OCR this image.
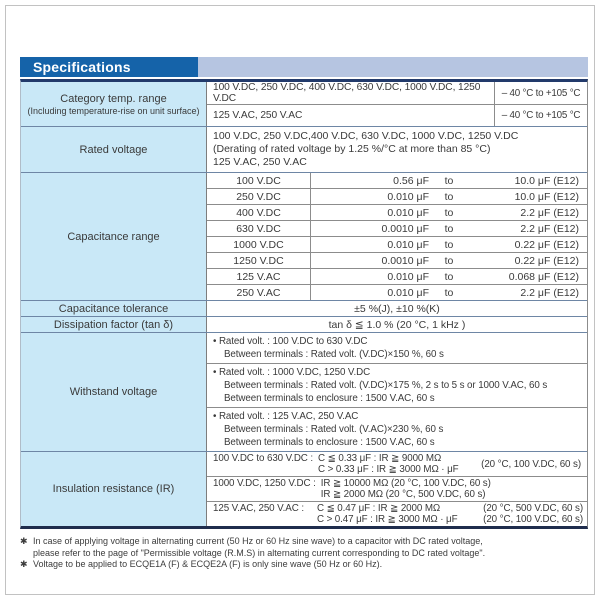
Specifications
Category temp. range
(Including temperature-rise on unit surface)
100 V.DC, 250 V.DC, 400 V.DC, 630 V.DC, 1000 V.DC, 1250 V.DC	– 40 °C to +105 °C
125 V.AC, 250 V.AC	– 40 °C to +105 °C
Rated voltage
100 V.DC, 250 V.DC,400 V.DC, 630 V.DC, 1000 V.DC, 1250 V.DC
(Derating of rated voltage by 1.25 %/°C at more than 85 °C)
125 V.AC, 250 V.AC
Capacitance range
100 V.DC	0.56 μF	to	10.0 μF (E12)
250 V.DC	0.010 μF	to	10.0 μF (E12)
400 V.DC	0.010 μF	to	2.2 μF (E12)
630 V.DC	0.0010 μF	to	2.2 μF (E12)
1000 V.DC	0.010 μF	to	0.22 μF (E12)
1250 V.DC	0.0010 μF	to	0.22 μF (E12)
125 V.AC	0.010 μF	to	0.068 μF (E12)
250 V.AC	0.010 μF	to	2.2 μF (E12)
Capacitance tolerance	±5 %(J), ±10 %(K)
Dissipation factor (tan δ)	tan δ ≦ 1.0 % (20 °C, 1 kHz )
Withstand voltage
• Rated volt. : 100 V.DC to 630 V.DC
Between terminals : Rated volt. (V.DC)×150 %, 60 s
• Rated volt. : 1000 V.DC, 1250 V.DC
Between terminals : Rated volt. (V.DC)×175 %, 2 s to 5 s or 1000 V.AC, 60 s
Between terminals to enclosure : 1500 V.AC, 60 s
• Rated volt. : 125 V.AC, 250 V.AC
Between terminals : Rated volt. (V.AC)×230 %, 60 s
Between terminals to enclosure : 1500 V.AC, 60 s
Insulation resistance (IR)
100 V.DC to 630 V.DC : C ≦ 0.33 μF : IR ≧ 9000 MΩ
C > 0.33 μF : IR ≧ 3000 MΩ · μF (20 °C, 100 V.DC, 60 s)
1000 V.DC, 1250 V.DC : IR ≧ 10000 MΩ (20 °C, 100 V.DC, 60 s)
IR ≧ 2000 MΩ (20 °C, 500 V.DC, 60 s)
125 V.AC, 250 V.AC : C ≦ 0.47 μF : IR ≧ 2000 MΩ
C > 0.47 μF : IR ≧ 3000 MΩ · μF
(20 °C, 500 V.DC, 60 s)
(20 °C, 100 V.DC, 60 s)
✱ In case of applying voltage in alternating current (50 Hz or 60 Hz sine wave) to a capacitor with DC rated voltage,
please refer to the page of "Permissible voltage (R.M.S) in alternating current corresponding to DC rated voltage".
✱ Voltage to be applied to ECQE1A (F) & ECQE2A (F) is only sine wave (50 Hz or 60 Hz).
